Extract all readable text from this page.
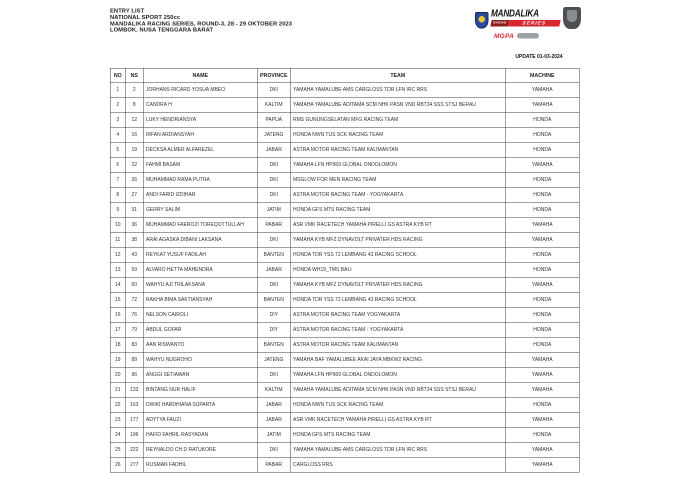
ENTRY LIST
NATIONAL SPORT 250cc
MANDALIKA RACING SERIES, ROUND-3, 28 - 29 OKTOBER 2023
LOMBOK, NUSA TENGGARA BARAT
MANDALIKA
RACING	SERIES
MGPA
UPDATE 01-03-2024
NO	NS	NAME	PROVINCE	TEAM	MACHINE
1	2	JORHANS RICARD YOSUA MBEO	DKI	YAMAHA YAMALUBE AMS CARGLOSS TDR LFN IRC RRS	YAMAHA
2	8	CANDRA H	KALTIM	YAMAHA YAMALUBE ADITAMA SCM NHK PASN VND RBT34 SSS STSJ BERAU	YAMAHA
3	12	LUKY HENDRIANSYA	PAPUA	RMS GUNUNGSELATAN MFG RACING TEAM	HONDA
4	16	IRFAN ARDIANSYAH	JATENG	HONDA NWN TUS SCK RACING TEAM	HONDA
5	19	DECKSA ALMER ALFAREZEL	JABAR	ASTRA MOTOR RACING TEAM KALIMANTAN	HONDA
6	22	FAHMI BASAM	DKI	YAMAHA LFN HP969 GLOBAL ONDOLOMON	YAMAHA
7	26	MUHAMMAD RAMA PUTRA	DKI	MSGLOW FOR MEN RACING TEAM	HONDA
8	27	ANDI FARID IZDIHAR	DKI	ASTRA MOTOR RACING TEAM - YOGYAKARTA	HONDA
9	31	GERRY SALIM	JATIM	HONDA GFS MTS RACING TEAM	HONDA
10	36	MUHAMMAD FAEROZI TOREQOTTULLAH	PABAR	ASR VMK RACETECH YAMAHA PIRELLI GS ASTRA KYB RT	YAMAHA
11	38	ARAI AGASKA DIBANI LAKSANA	DKI	YAMAHA KYB MFZ DYNAVOLT PRIVATER HDS RACING	YAMAHA
12	43	REYKAT YUSUF FADILAH	BANTEN	HONDA TDR YSS 72 LEMBANG 43 RACING SCHOOL	HONDA
13	59	ALVARO HETTA MAHENDRA	JABAR	HONDA WH19_TMS BALI	HONDA
14	60	WAHYU AJI TRILAKSANA	DKI	YAMAHA KYB MFZ DYNAVOLT PRIVATER HDS RACING	YAMAHA
15	72	RAKHA BIMA SAKTIANSYAH	BANTEN	HONDA TDR YSS 72 LEMBANG 43 RACING SCHOOL	HONDA
16	76	NELSON CAIROLI	DIY	ASTRA MOTOR RACING TEAM YOGYAKARTA	HONDA
17	79	ABDUL GOFAR	DIY	ASTRA MOTOR RACING TEAM - YOGYAKARTA	HONDA
18	83	AAN RISWANTO	BANTEN	ASTRA MOTOR RACING TEAM KALIMANTAN	HONDA
19	89	WAHYU NUGROHO	JATENG	YAMAHA BAF YAMALUBEE AKAI JAYA MBKW2 RACING	YAMAHA
20	96	ANGGI SETIAWAN	DKI	YAMAHA LFN HP969 GLOBAL ONDOLOMON	YAMAHA
21	133	BINTANG NUR HALIF	KALTIM	YAMAHA YAMALUBE ADITAMA SCM NHK PASN VND RBT34 SSS STSJ BERAU	YAMAHA
22	163	DWIKI HARDHIANA SUPARTA	JABAR	HONDA NWN TUS SCK RACING TEAM	HONDA
23	177	ADYTYA FAUZI	JABAR	ASR VMK RACETECH YAMAHA PIRELLI GS ASTRA KYB RT	YAMAHA
24	196	HAFID FAHRIL RASYADAN	JATIM	HONDA GFS MTS RACING TEAM	HONDA
25	222	REYNALDO CH.D RATUKORE	DKI	YAMAHA YAMALUBE AMS CARGLOSS TDR LFN IRC RRS	YAMAHA
26	277	RUSMAN FADHIL	PABAR	CARGLOSS RRS	YAMAHA
